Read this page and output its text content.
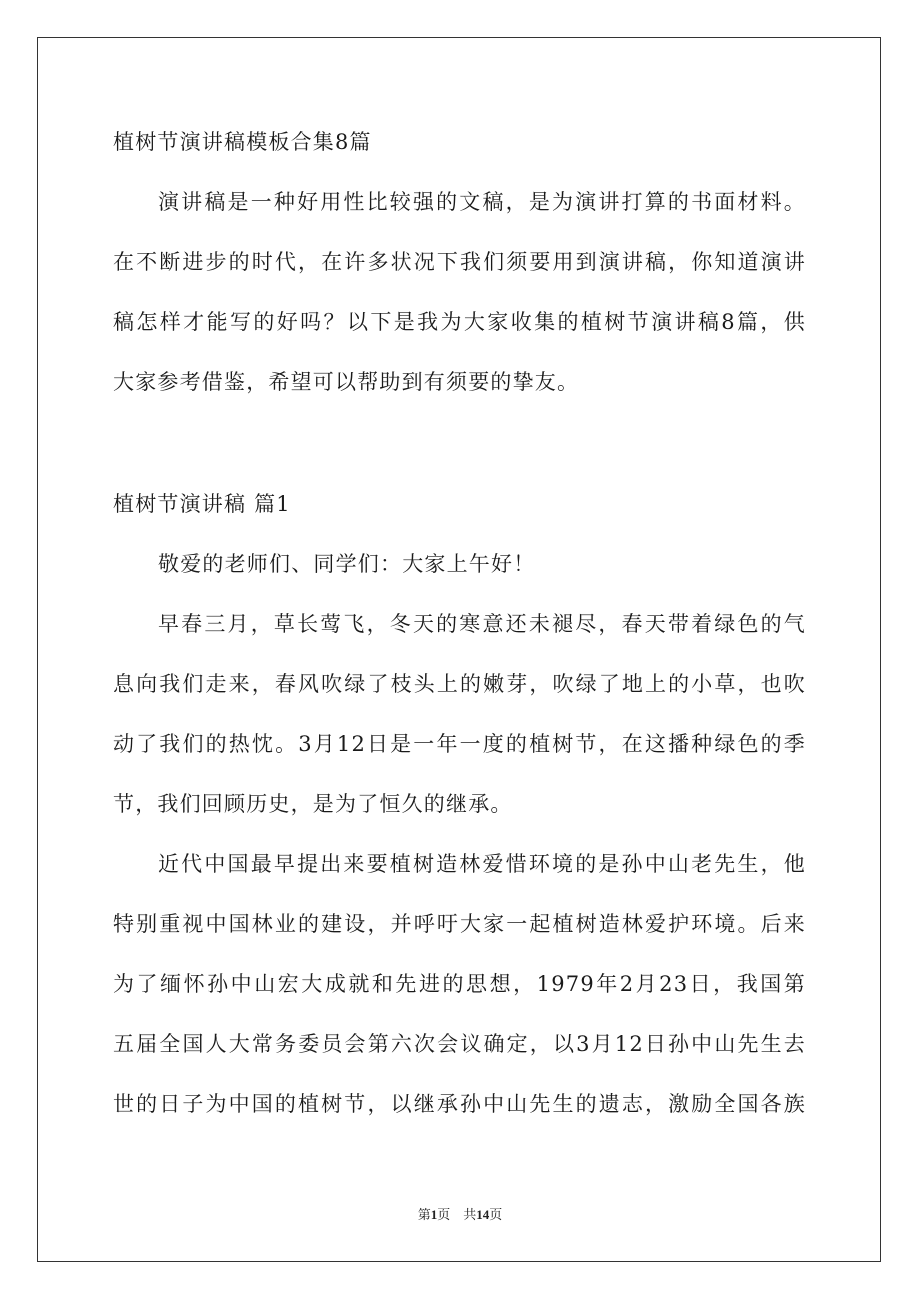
植树节演讲稿模板合集8篇
演讲稿是一种好用性比较强的文稿，是为演讲打算的书面材料。
在不断进步的时代，在许多状况下我们须要用到演讲稿，你知道演讲
稿怎样才能写的好吗？以下是我为大家收集的植树节演讲稿8篇，供
大家参考借鉴，希望可以帮助到有须要的挚友。
植树节演讲稿 篇1
敬爱的老师们、同学们：大家上午好！
早春三月，草长莺飞，冬天的寒意还未褪尽，春天带着绿色的气
息向我们走来，春风吹绿了枝头上的嫩芽，吹绿了地上的小草，也吹
动了我们的热忱。3月12日是一年一度的植树节，在这播种绿色的季
节，我们回顾历史，是为了恒久的继承。
近代中国最早提出来要植树造林爱惜环境的是孙中山老先生，他
特别重视中国林业的建设，并呼吁大家一起植树造林爱护环境。后来
为了缅怀孙中山宏大成就和先进的思想，1979年2月23日，我国第
五届全国人大常务委员会第六次会议确定，以3月12日孙中山先生去
世的日子为中国的植树节，以继承孙中山先生的遗志，激励全国各族
第1页 共14页
